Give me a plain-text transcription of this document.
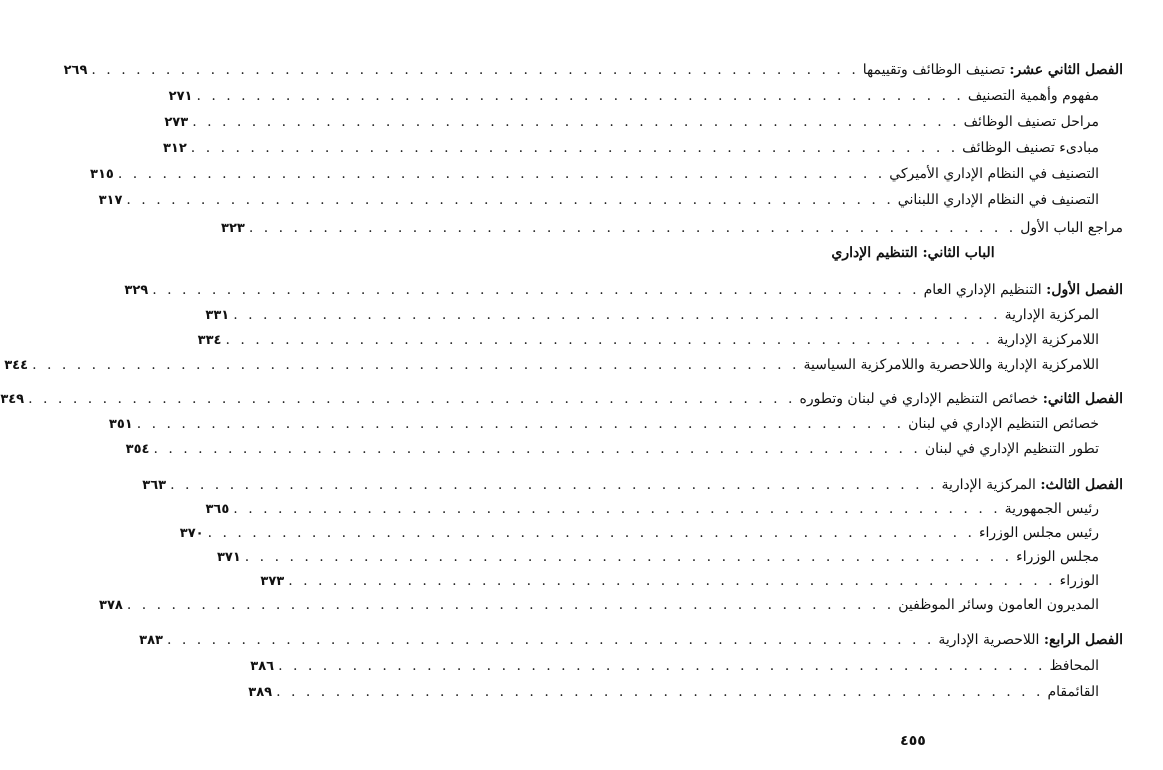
الفصل الثاني عشر: تصنيف الوظائف وتقييمها
. . . . . . . . . . . . . . . . . . . . . . . . . . . . . . . . . . . . . . . . . . . . . . . . . . . .
٢٦٩
مفهوم وأهمية التصنيف
. . . . . . . . . . . . . . . . . . . . . . . . . . . . . . . . . . . . . . . . . . . . . . . . . . . .
٢٧١
مراحل تصنيف الوظائف
. . . . . . . . . . . . . . . . . . . . . . . . . . . . . . . . . . . . . . . . . . . . . . . . . . . .
٢٧٣
مبادىء تصنيف الوظائف
. . . . . . . . . . . . . . . . . . . . . . . . . . . . . . . . . . . . . . . . . . . . . . . . . . . .
٣١٢
التصنيف في النظام الإداري الأميركي
. . . . . . . . . . . . . . . . . . . . . . . . . . . . . . . . . . . . . . . . . . . . . . . . . . . .
٣١٥
التصنيف في النظام الإداري اللبناني
. . . . . . . . . . . . . . . . . . . . . . . . . . . . . . . . . . . . . . . . . . . . . . . . . . . .
٣١٧
مراجع الباب الأول
. . . . . . . . . . . . . . . . . . . . . . . . . . . . . . . . . . . . . . . . . . . . . . . . . . . .
٣٢٣
الباب الثاني: التنظيم الإداري
الفصل الأول: التنظيم الإداري العام
. . . . . . . . . . . . . . . . . . . . . . . . . . . . . . . . . . . . . . . . . . . . . . . . . . . .
٣٢٩
المركزية الإدارية
. . . . . . . . . . . . . . . . . . . . . . . . . . . . . . . . . . . . . . . . . . . . . . . . . . . .
٣٣١
اللامركزية الإدارية
. . . . . . . . . . . . . . . . . . . . . . . . . . . . . . . . . . . . . . . . . . . . . . . . . . . .
٣٣٤
اللامركزية الإدارية واللاحصرية واللامركزية السياسية
. . . . . . . . . . . . . . . . . . . . . . . . . . . . . . . . . . . . . . . . . . . . . . . . . . . .
٣٤٤
الفصل الثاني: خصائص التنظيم الإداري في لبنان وتطوره
. . . . . . . . . . . . . . . . . . . . . . . . . . . . . . . . . . . . . . . . . . . . . . . . . . . .
٣٤٩
خصائص التنظيم الإداري في لبنان
. . . . . . . . . . . . . . . . . . . . . . . . . . . . . . . . . . . . . . . . . . . . . . . . . . . .
٣٥١
تطور التنظيم الإداري في لبنان
. . . . . . . . . . . . . . . . . . . . . . . . . . . . . . . . . . . . . . . . . . . . . . . . . . . .
٣٥٤
الفصل الثالث: المركزية الإدارية
. . . . . . . . . . . . . . . . . . . . . . . . . . . . . . . . . . . . . . . . . . . . . . . . . . . .
٣٦٣
رئيس الجمهورية
. . . . . . . . . . . . . . . . . . . . . . . . . . . . . . . . . . . . . . . . . . . . . . . . . . . .
٣٦٥
رئيس مجلس الوزراء
. . . . . . . . . . . . . . . . . . . . . . . . . . . . . . . . . . . . . . . . . . . . . . . . . . . .
٣٧٠
مجلس الوزراء
. . . . . . . . . . . . . . . . . . . . . . . . . . . . . . . . . . . . . . . . . . . . . . . . . . . .
٣٧١
الوزراء
. . . . . . . . . . . . . . . . . . . . . . . . . . . . . . . . . . . . . . . . . . . . . . . . . . . .
٣٧٣
المديرون العامون وسائر الموظفين
. . . . . . . . . . . . . . . . . . . . . . . . . . . . . . . . . . . . . . . . . . . . . . . . . . . .
٣٧٨
الفصل الرابع: اللاحصرية الإدارية
. . . . . . . . . . . . . . . . . . . . . . . . . . . . . . . . . . . . . . . . . . . . . . . . . . . .
٣٨٣
المحافظ
. . . . . . . . . . . . . . . . . . . . . . . . . . . . . . . . . . . . . . . . . . . . . . . . . . . .
٣٨٦
القائمقام
. . . . . . . . . . . . . . . . . . . . . . . . . . . . . . . . . . . . . . . . . . . . . . . . . . . .
٣٨٩
٤٥٥
